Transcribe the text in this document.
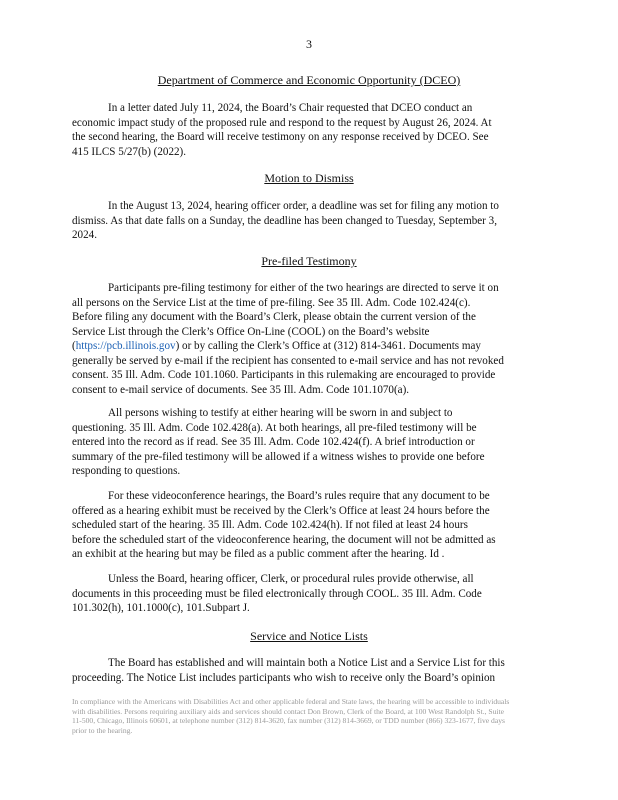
3
Department of Commerce and Economic Opportunity (DCEO)

In a letter dated July 11, 2024, the Board’s Chair requested that DCEO conduct an
economic impact study of the proposed rule and respond to the request by August 26, 2024. At
the second hearing, the Board will receive testimony on any response received by DCEO. See
415 ILCS 5/27(b) (2022).

Motion to Dismiss

In the August 13, 2024, hearing officer order, a deadline was set for filing any motion to
dismiss. As that date falls on a Sunday, the deadline has been changed to Tuesday, September 3,
2024.

Pre-filed Testimony

Participants pre-filing testimony for either of the two hearings are directed to serve it on
all persons on the Service List at the time of pre-filing. See 35 Ill. Adm. Code 102.424(c).
Before filing any document with the Board’s Clerk, please obtain the current version of the
Service List through the Clerk’s Office On-Line (COOL) on the Board’s website
(https://pcb.illinois.gov) or by calling the Clerk’s Office at (312) 814-3461. Documents may
generally be served by e-mail if the recipient has consented to e-mail service and has not revoked
consent. 35 Ill. Adm. Code 101.1060. Participants in this rulemaking are encouraged to provide
consent to e-mail service of documents. See 35 Ill. Adm. Code 101.1070(a).

All persons wishing to testify at either hearing will be sworn in and subject to
questioning. 35 Ill. Adm. Code 102.428(a). At both hearings, all pre-filed testimony will be
entered into the record as if read. See 35 Ill. Adm. Code 102.424(f). A brief introduction or
summary of the pre-filed testimony will be allowed if a witness wishes to provide one before
responding to questions.

For these videoconference hearings, the Board’s rules require that any document to be
offered as a hearing exhibit must be received by the Clerk’s Office at least 24 hours before the
scheduled start of the hearing. 35 Ill. Adm. Code 102.424(h). If not filed at least 24 hours
before the scheduled start of the videoconference hearing, the document will not be admitted as
an exhibit at the hearing but may be filed as a public comment after the hearing. Id .

Unless the Board, hearing officer, Clerk, or procedural rules provide otherwise, all
documents in this proceeding must be filed electronically through COOL. 35 Ill. Adm. Code
101.302(h), 101.1000(c), 101.Subpart J.

Service and Notice Lists

The Board has established and will maintain both a Notice List and a Service List for this
proceeding. The Notice List includes participants who wish to receive only the Board’s opinion

In compliance with the Americans with Disabilities Act and other applicable federal and State laws, the hearing will be accessible to individuals
with disabilities. Persons requiring auxiliary aids and services should contact Don Brown, Clerk of the Board, at 100 West Randolph St., Suite
11-500, Chicago, Illinois 60601, at telephone number (312) 814-3620, fax number (312) 814-3669, or TDD number (866) 323-1677, five days
prior to the hearing.
